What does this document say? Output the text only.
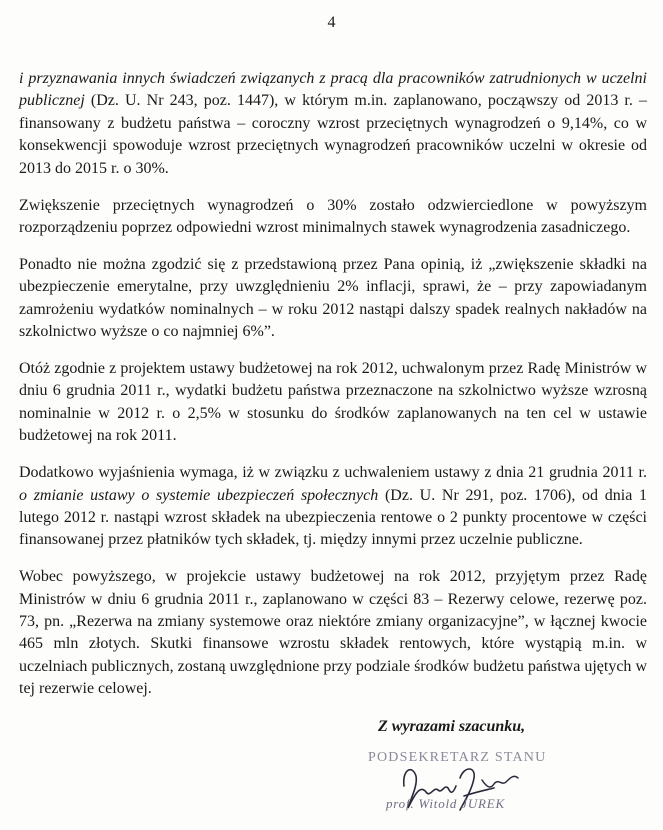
4

i przyznawania innych świadczeń związanych z pracą dla pracowników zatrudnionych w uczelni publicznej (Dz. U. Nr 243, poz. 1447), w którym m.in. zaplanowano, począwszy od 2013 r. – finansowany z budżetu państwa – coroczny wzrost przeciętnych wynagrodzeń o 9,14%, co w konsekwencji spowoduje wzrost przeciętnych wynagrodzeń pracowników uczelni w okresie od 2013 do 2015 r. o 30%.

Zwiększenie przeciętnych wynagrodzeń o 30% zostało odzwierciedlone w powyższym rozporządzeniu poprzez odpowiedni wzrost minimalnych stawek wynagrodzenia zasadniczego.

Ponadto nie można zgodzić się z przedstawioną przez Pana opinią, iż „zwiększenie składki na ubezpieczenie emerytalne, przy uwzględnieniu 2% inflacji, sprawi, że – przy zapowiadanym zamrożeniu wydatków nominalnych – w roku 2012 nastąpi dalszy spadek realnych nakładów na szkolnictwo wyższe o co najmniej 6%”.

Otóż zgodnie z projektem ustawy budżetowej na rok 2012, uchwalonym przez Radę Ministrów w dniu 6 grudnia 2011 r., wydatki budżetu państwa przeznaczone na szkolnictwo wyższe wzrosną nominalnie w 2012 r. o 2,5% w stosunku do środków zaplanowanych na ten cel w ustawie budżetowej na rok 2011.

Dodatkowo wyjaśnienia wymaga, iż w związku z uchwaleniem ustawy z dnia 21 grudnia 2011 r. o zmianie ustawy o systemie ubezpieczeń społecznych (Dz. U. Nr 291, poz. 1706), od dnia 1 lutego 2012 r. nastąpi wzrost składek na ubezpieczenia rentowe o 2 punkty procentowe w części finansowanej przez płatników tych składek, tj. między innymi przez uczelnie publiczne.

Wobec powyższego, w projekcie ustawy budżetowej na rok 2012, przyjętym przez Radę Ministrów w dniu 6 grudnia 2011 r., zaplanowano w części 83 – Rezerwy celowe, rezerwę poz. 73, pn. „Rezerwa na zmiany systemowe oraz niektóre zmiany organizacyjne”, w łącznej kwocie 465 mln złotych. Skutki finansowe wzrostu składek rentowych, które wystąpią m.in. w uczelniach publicznych, zostaną uwzględnione przy podziale środków budżetu państwa ujętych w tej rezerwie celowej.

Z wyrazami szacunku,
PODSEKRETARZ STANU
prof. Witold JUREK
